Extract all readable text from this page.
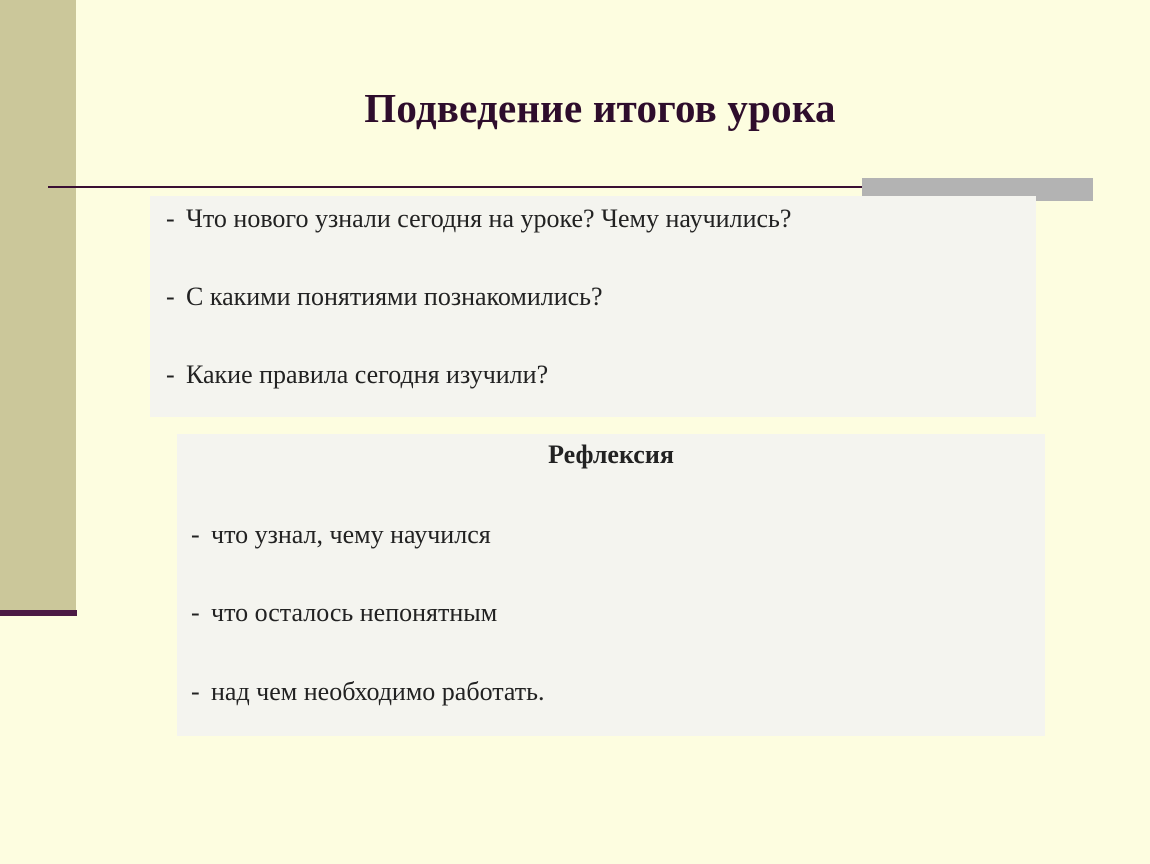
Подведение итогов урока
- Что нового узнали сегодня на уроке? Чему научились?
- С какими понятиями познакомились?
- Какие правила сегодня изучили?
Рефлексия
- что узнал, чему научился
- что осталось непонятным
- над чем необходимо работать.
